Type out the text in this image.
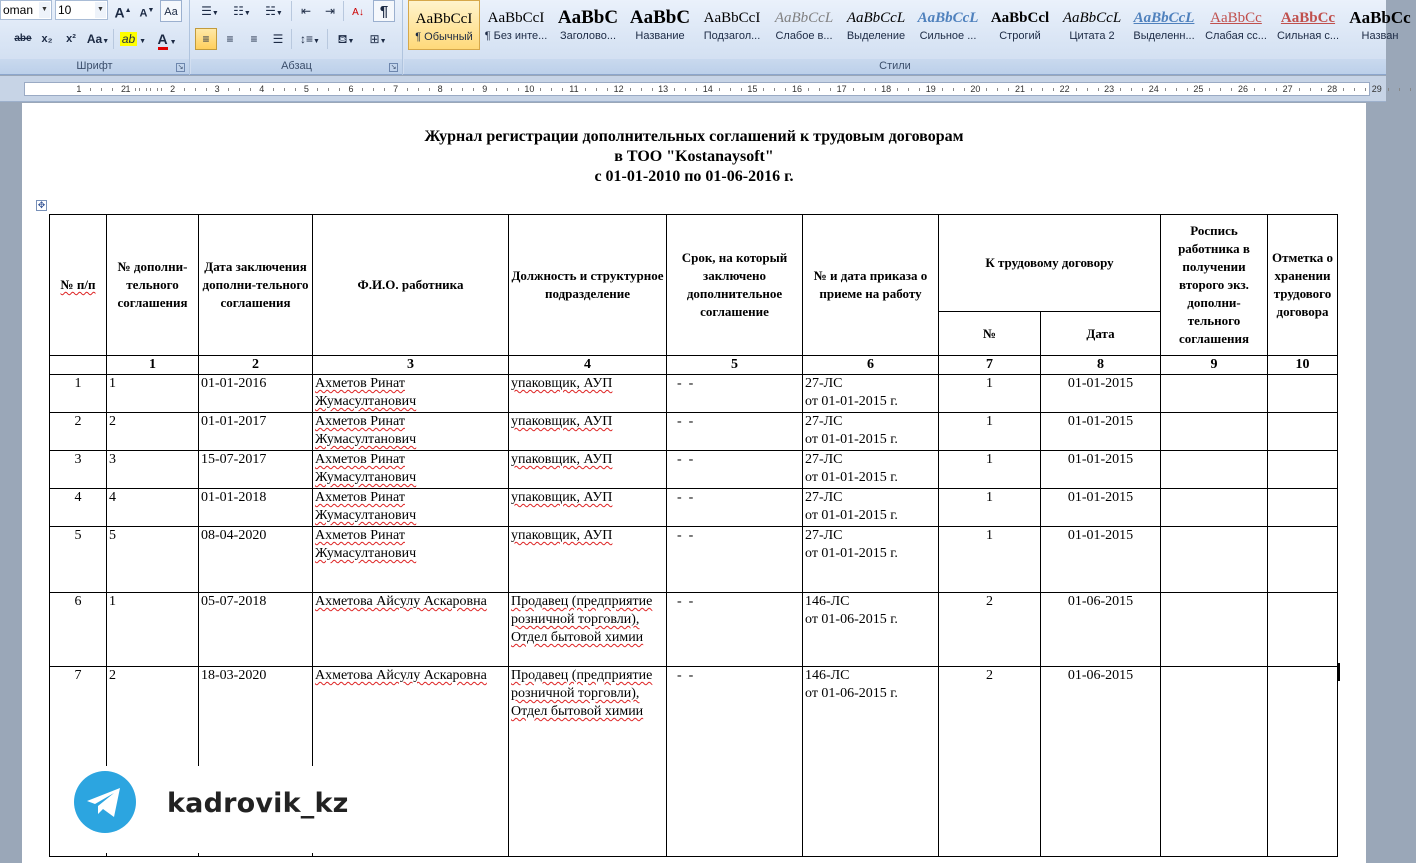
oman ▼ 10	▼ A▲ A▼ Aa
abe x₂	x² Aa▼	ab ▼ A ▼
Шрифт	↘
☰▼	☷▼	☵▼	⇤	⇥	A↓	¶
≡	≡	≡	☰	↕≡▼	⛾▼	⊞▼
Абзац	↘	Стили
AaBbCcI
¶ Обычный
AaBbCcI
¶ Без инте...
AaBbC
Заголово...
AaBbC
Название
AaBbCcI
Подзагол...
AaBbCcL
Слабое в...
AaBbCcL
Выделение
AaBbCcL
Сильное ...
AaBbCcl
Строгий
AaBbCcL
Цитата 2
AaBbCcL
Выделенн...
AaBbCc
Слабая сс...
AaBbCc
Сильная с...
AaBbCc
Назван
1	2 1	2	3	4	5	6	7	8	9	10	11	12	13	14	15	16	17	18	19	20	21	22	23	24	25	26	27	28	29
Журнал регистрации дополнительных соглашений к трудовым договорам
в ТОО "Kostanaysoft"
с 01-01-2010 по 01-06-2016 г.
✥
№ п/п	№ дополни-тельного соглашения	Дата заключения дополни-тельного соглашения	Ф.И.О. работника	Должность и структурное подразделение	Срок, на который заключено дополнительное соглашение	№ и дата приказа о приеме на работу	К трудовому договору		Роспись работника в получении второго экз. дополни-тельного соглашения	Отметка о хранении трудового договора
							№	Дата		
	1	2	3	4	5	6	7	8	9	10
1	1	01-01-2016	Ахметов Ринат Жумасултанович	упаковщик, АУП	-  -	27-ЛС
от 01-01-2015 г.	1	01-01-2015		
2	2	01-01-2017	Ахметов Ринат Жумасултанович	упаковщик, АУП	-  -	27-ЛС
от 01-01-2015 г.	1	01-01-2015		
3	3	15-07-2017	Ахметов Ринат Жумасултанович	упаковщик, АУП	-  -	27-ЛС
от 01-01-2015 г.	1	01-01-2015		
4	4	01-01-2018	Ахметов Ринат Жумасултанович	упаковщик, АУП	-  -	27-ЛС
от 01-01-2015 г.	1	01-01-2015		
5	5	08-04-2020	Ахметов Ринат Жумасултанович	упаковщик, АУП	-  -	27-ЛС
от 01-01-2015 г.	1	01-01-2015		
6	1	05-07-2018	Ахметова Айсулу Аскаровна	Продавец (предприятие розничной торговли), Отдел бытовой химии	-  -	146-ЛС
от 01-06-2015 г.	2	01-06-2015		
7	2	18-03-2020	Ахметова Айсулу Аскаровна	Продавец (предприятие розничной торговли), Отдел бытовой химии	-  -	146-ЛС
от 01-06-2015 г.	2	01-06-2015		
kadrovik_kz
